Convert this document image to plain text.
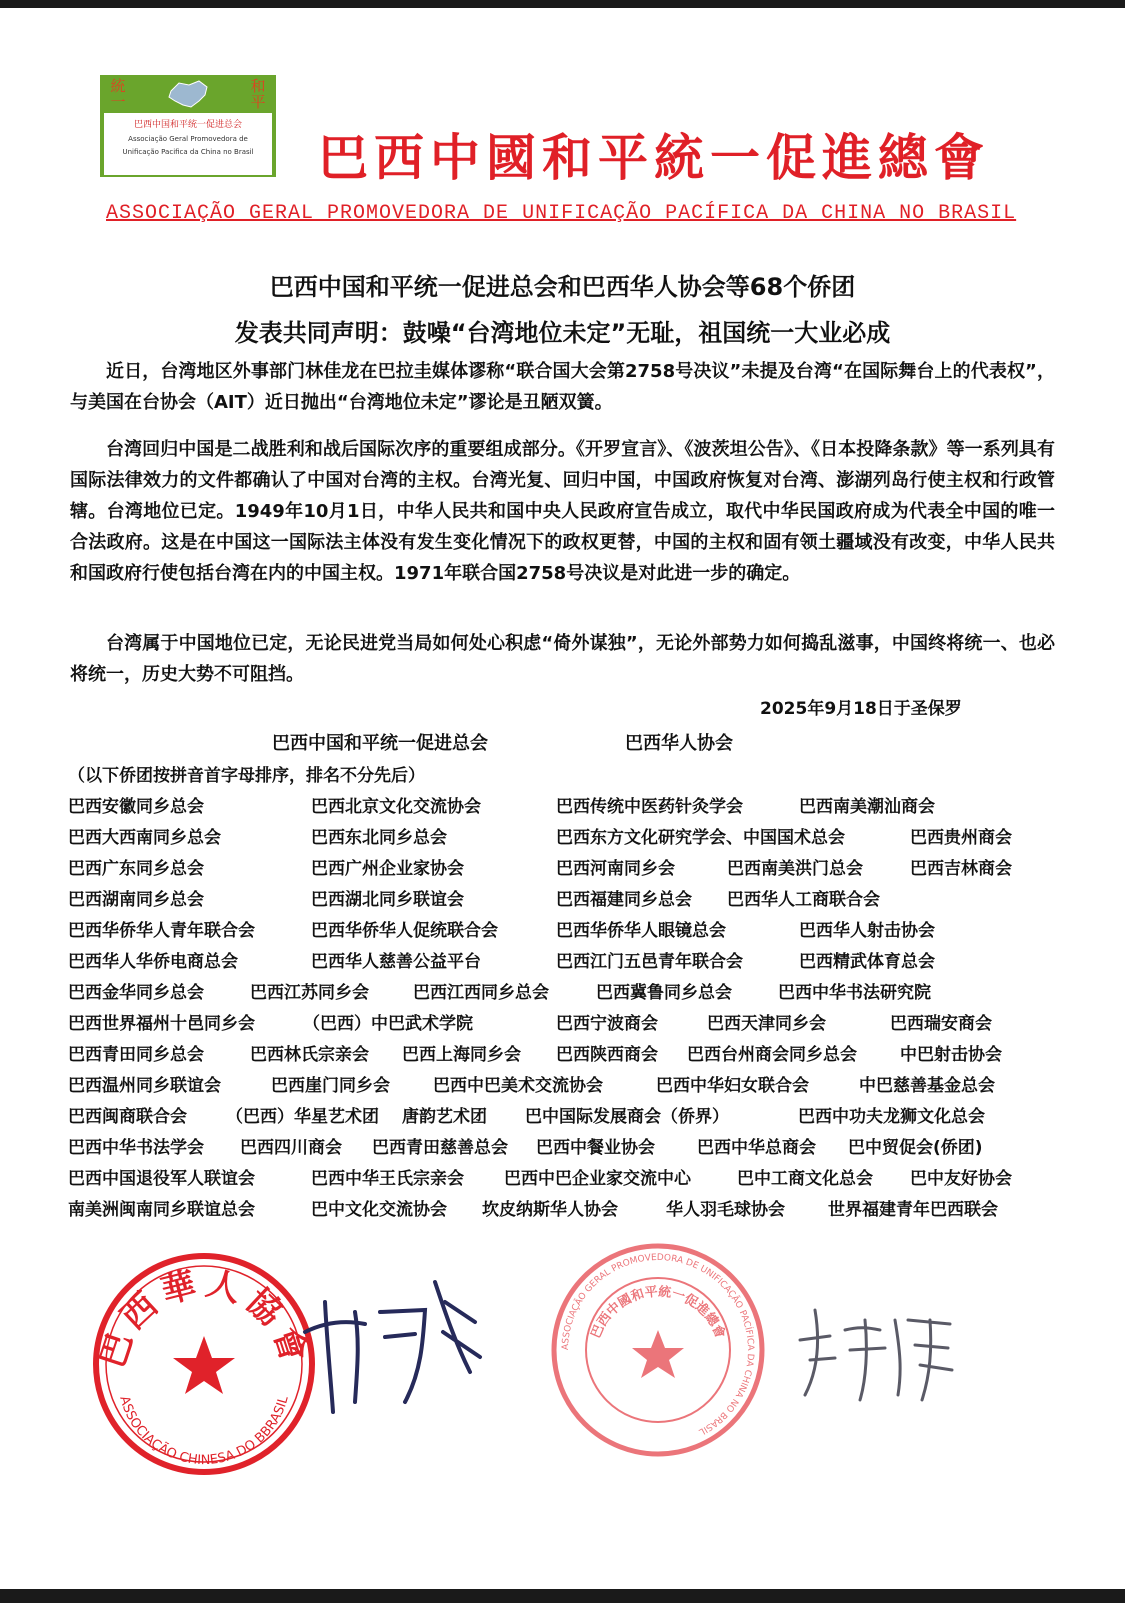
統
一
和
平
巴西中国和平统一促进总会
Associação Geral Promovedora de
Unificação Pacifica da China no Brasil	巴西中國和平統一促進總會
ASSOCIAÇÃO GERAL PROMOVEDORA DE UNIFICAÇÃO PACÍFICA DA CHINA NO BRASIL
巴西中国和平统一促进总会和巴西华人协会等68个侨团
发表共同声明：鼓噪“台湾地位未定”无耻，祖国统一大业必成
近日，台湾地区外事部门林佳龙在巴拉圭媒体谬称“联合国大会第2758号决议”未提及台湾“在国际舞台上的代表权”，与美国在台协会（AIT）近日抛出“台湾地位未定”谬论是丑陋双簧。
台湾回归中国是二战胜利和战后国际次序的重要组成部分。《开罗宣言》、《波茨坦公告》、《日本投降条款》等一系列具有国际法律效力的文件都确认了中国对台湾的主权。台湾光复、回归中国，中国政府恢复对台湾、澎湖列岛行使主权和行政管辖。台湾地位已定。1949年10月1日，中华人民共和国中央人民政府宣告成立，取代中华民国政府成为代表全中国的唯一合法政府。这是在中国这一国际法主体没有发生变化情况下的政权更替，中国的主权和固有领土疆域没有改变，中华人民共和国政府行使包括台湾在内的中国主权。1971年联合国2758号决议是对此进一步的确定。
台湾属于中国地位已定，无论民进党当局如何处心积虑“倚外谋独”，无论外部势力如何捣乱滋事，中国终将统一、也必将统一，历史大势不可阻挡。
2025年9月18日于圣保罗
巴西中国和平统一促进总会	巴西华人协会
（以下侨团按拼音首字母排序，排名不分先后）
巴西安徽同乡总会	巴西北京文化交流协会	巴西传统中医药针灸学会	巴西南美潮汕商会
巴西大西南同乡总会	巴西东北同乡总会	巴西东方文化研究学会、中国国术总会	巴西贵州商会
巴西广东同乡总会	巴西广州企业家协会	巴西河南同乡会	巴西南美洪门总会	巴西吉林商会
巴西湖南同乡总会	巴西湖北同乡联谊会	巴西福建同乡总会 巴西华人工商联合会
巴西华侨华人青年联合会	巴西华侨华人促统联合会	巴西华侨华人眼镜总会	巴西华人射击协会
巴西华人华侨电商总会	巴西华人慈善公益平台	巴西江门五邑青年联合会	巴西精武体育总会
巴西金华同乡总会	巴西江苏同乡会	巴西江西同乡总会	巴西冀鲁同乡总会	巴西中华书法研究院
巴西世界福州十邑同乡会	（巴西）中巴武术学院	巴西宁波商会	巴西天津同乡会	巴西瑞安商会
巴西青田同乡总会	巴西林氏宗亲会 巴西上海同乡会 巴西陕西商会 巴西台州商会同乡总会	中巴射击协会
巴西温州同乡联谊会	巴西崖门同乡会	巴西中巴美术交流协会	巴西中华妇女联合会	中巴慈善基金总会
巴西闽商联合会 （巴西）华星艺术团 唐韵艺术团 巴中国际发展商会（侨界）	巴西中功夫龙狮文化总会
巴西中华书法学会 巴西四川商会 巴西青田慈善总会 巴西中餐业协会 巴西中华总商会 巴中贸促会(侨团)
巴西中国退役军人联谊会	巴西中华王氏宗亲会 巴西中巴企业家交流中心	巴中工商文化总会 巴中友好协会
南美洲闽南同乡联谊总会	巴中文化交流协会 坎皮纳斯华人协会	华人羽毛球协会	世界福建青年巴西联会
巴西華人協會
ASSOCIAÇÃO CHINESA DO BBRASIL
ASSOCIAÇÃO GERAL PROMOVEDORA DE UNIFICAÇÃO PACÍFICA DA CHINA NO BRASIL
巴西中國和平統一促進總會
